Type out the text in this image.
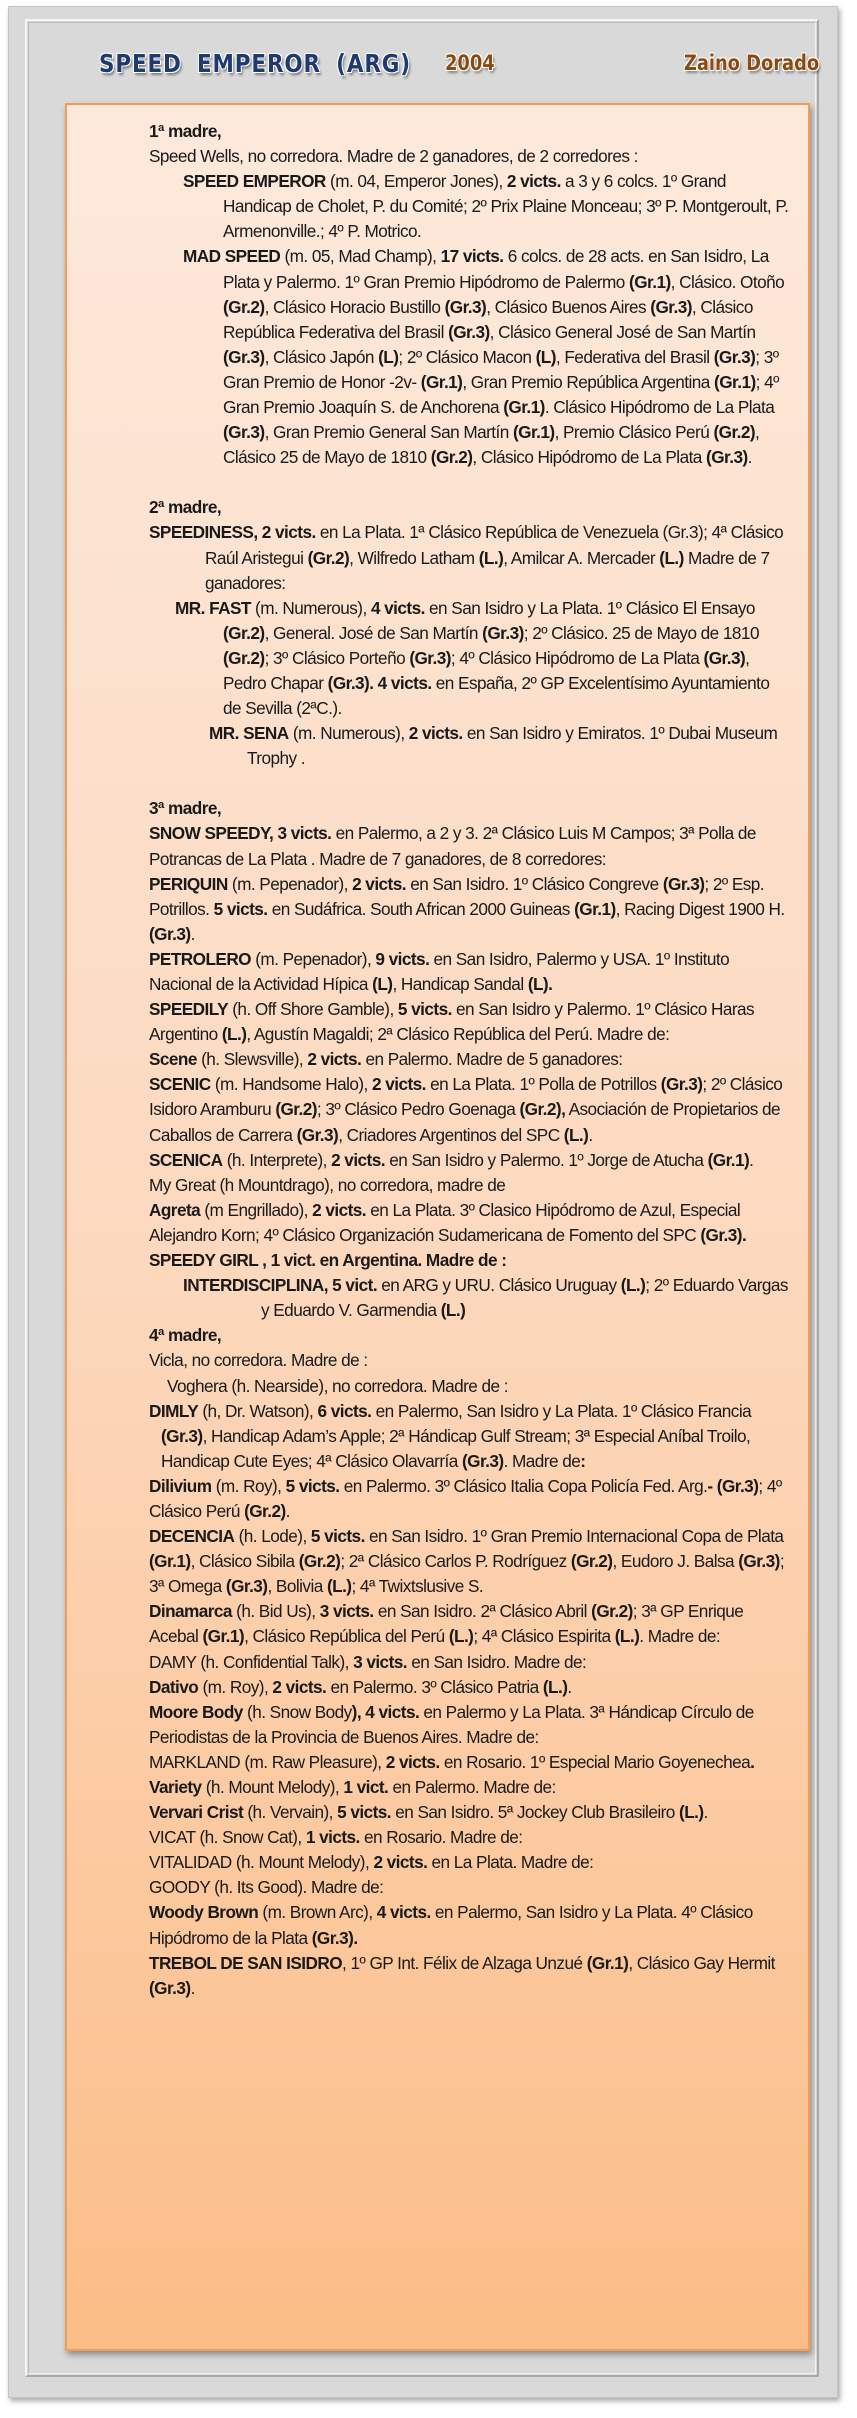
SPEED EMPEROR (ARG) 2004	Zaino Dorado

1ª madre,

Speed Wells, no corredora. Madre de 2 ganadores, de 2 corredores :

SPEED EMPEROR (m. 04, Emperor Jones), 2 victs. a 3 y 6 colcs. 1º Grand Handicap de Cholet, P. du Comité; 2º Prix Plaine Monceau; 3º P. Montgeroult, P. Armenonville.; 4º P. Motrico.

MAD SPEED (m. 05, Mad Champ), 17 victs. 6 colcs. de 28 acts. en San Isidro, La Plata y Palermo. 1º Gran Premio Hipódromo de Palermo (Gr.1), Clásico. Otoño (Gr.2), Clásico Horacio Bustillo (Gr.3), Clásico Buenos Aires (Gr.3), Clásico República Federativa del Brasil (Gr.3), Clásico General José de San Martín (Gr.3), Clásico Japón (L); 2º Clásico Macon (L), Federativa del Brasil (Gr.3); 3º Gran Premio de Honor -2v- (Gr.1), Gran Premio República Argentina (Gr.1); 4º Gran Premio Joaquín S. de Anchorena (Gr.1). Clásico Hipódromo de La Plata (Gr.3), Gran Premio General San Martín (Gr.1), Premio Clásico Perú (Gr.2), Clásico 25 de Mayo de 1810 (Gr.2), Clásico Hipódromo de La Plata (Gr.3).

2ª madre,

SPEEDINESS, 2 victs. en La Plata. 1ª Clásico República de Venezuela (Gr.3); 4ª Clásico Raúl Aristegui (Gr.2), Wilfredo Latham (L.), Amilcar A. Mercader (L.) Madre de 7 ganadores:

MR. FAST (m. Numerous), 4 victs. en San Isidro y La Plata. 1º Clásico El Ensayo (Gr.2), General. José de San Martín (Gr.3); 2º Clásico. 25 de Mayo de 1810 (Gr.2); 3º Clásico Porteño (Gr.3); 4º Clásico Hipódromo de La Plata (Gr.3), Pedro Chapar (Gr.3). 4 victs. en España, 2º GP Excelentísimo Ayuntamiento de Sevilla (2ªC.).

MR. SENA (m. Numerous), 2 victs. en San Isidro y Emiratos. 1º Dubai Museum Trophy .

3ª madre,

SNOW SPEEDY, 3 victs. en Palermo, a 2 y 3. 2ª Clásico Luis M Campos; 3ª Polla de Potrancas de La Plata . Madre de 7 ganadores, de 8 corredores:

PERIQUIN (m. Pepenador), 2 victs. en San Isidro. 1º Clásico Congreve (Gr.3); 2º Esp. Potrillos. 5 victs. en Sudáfrica. South African 2000 Guineas (Gr.1), Racing Digest 1900 H. (Gr.3).

PETROLERO (m. Pepenador), 9 victs. en San Isidro, Palermo y USA. 1º Instituto Nacional de la Actividad Hípica (L), Handicap Sandal (L).

SPEEDILY (h. Off Shore Gamble), 5 victs. en San Isidro y Palermo. 1º Clásico Haras Argentino (L.), Agustín Magaldi; 2ª Clásico República del Perú. Madre de:

Scene (h. Slewsville), 2 victs. en Palermo. Madre de 5 ganadores:

SCENIC (m. Handsome Halo), 2 victs. en La Plata. 1º Polla de Potrillos (Gr.3); 2º Clásico Isidoro Aramburu (Gr.2); 3º Clásico Pedro Goenaga (Gr.2), Asociación de Propietarios de Caballos de Carrera (Gr.3), Criadores Argentinos del SPC (L.).

SCENICA (h. Interprete), 2 victs. en San Isidro y Palermo. 1º Jorge de Atucha (Gr.1).

My Great (h Mountdrago), no corredora, madre de

Agreta (m Engrillado), 2 victs. en La Plata. 3º Clasico Hipódromo de Azul, Especial Alejandro Korn; 4º Clásico Organización Sudamericana de Fomento del SPC (Gr.3).

SPEEDY GIRL , 1 vict. en Argentina. Madre de :

INTERDISCIPLINA, 5 vict. en ARG y URU. Clásico Uruguay (L.); 2º Eduardo Vargas y Eduardo V. Garmendia (L.)

4ª madre,

Vicla, no corredora. Madre de :

Voghera (h. Nearside), no corredora. Madre de :

DIMLY (h, Dr. Watson), 6 victs. en Palermo, San Isidro y La Plata. 1º Clásico Francia (Gr.3), Handicap Adam’s Apple; 2ª Hándicap Gulf Stream; 3ª Especial Aníbal Troilo, Handicap Cute Eyes; 4ª Clásico Olavarría (Gr.3). Madre de:

Dilivium (m. Roy), 5 victs. en Palermo. 3º Clásico Italia Copa Policía Fed. Arg.- (Gr.3); 4º Clásico Perú (Gr.2).

DECENCIA (h. Lode), 5 victs. en San Isidro. 1º Gran Premio Internacional Copa de Plata (Gr.1), Clásico Sibila (Gr.2); 2ª Clásico Carlos P. Rodríguez (Gr.2), Eudoro J. Balsa (Gr.3); 3ª Omega (Gr.3), Bolivia (L.); 4ª Twixtslusive S.

Dinamarca (h. Bid Us), 3 victs. en San Isidro. 2ª Clásico Abril (Gr.2); 3ª GP Enrique Acebal (Gr.1), Clásico República del Perú (L.); 4ª Clásico Espirita (L.). Madre de:

DAMY (h. Confidential Talk), 3 victs. en San Isidro. Madre de:

Dativo (m. Roy), 2 victs. en Palermo. 3º Clásico Patria (L.).

Moore Body (h. Snow Body), 4 victs. en Palermo y La Plata. 3ª Hándicap Círculo de Periodistas de la Provincia de Buenos Aires. Madre de:

MARKLAND (m. Raw Pleasure), 2 victs. en Rosario. 1º Especial Mario Goyenechea.

Variety (h. Mount Melody), 1 vict. en Palermo. Madre de:

Vervari Crist (h. Vervain), 5 victs. en San Isidro. 5ª Jockey Club Brasileiro (L.).

VICAT (h. Snow Cat), 1 victs. en Rosario. Madre de:

VITALIDAD (h. Mount Melody), 2 victs. en La Plata. Madre de:

GOODY (h. Its Good). Madre de:

Woody Brown (m. Brown Arc), 4 victs. en Palermo, San Isidro y La Plata. 4º Clásico Hipódromo de la Plata (Gr.3).

TREBOL DE SAN ISIDRO, 1º GP Int. Félix de Alzaga Unzué (Gr.1), Clásico Gay Hermit (Gr.3).
